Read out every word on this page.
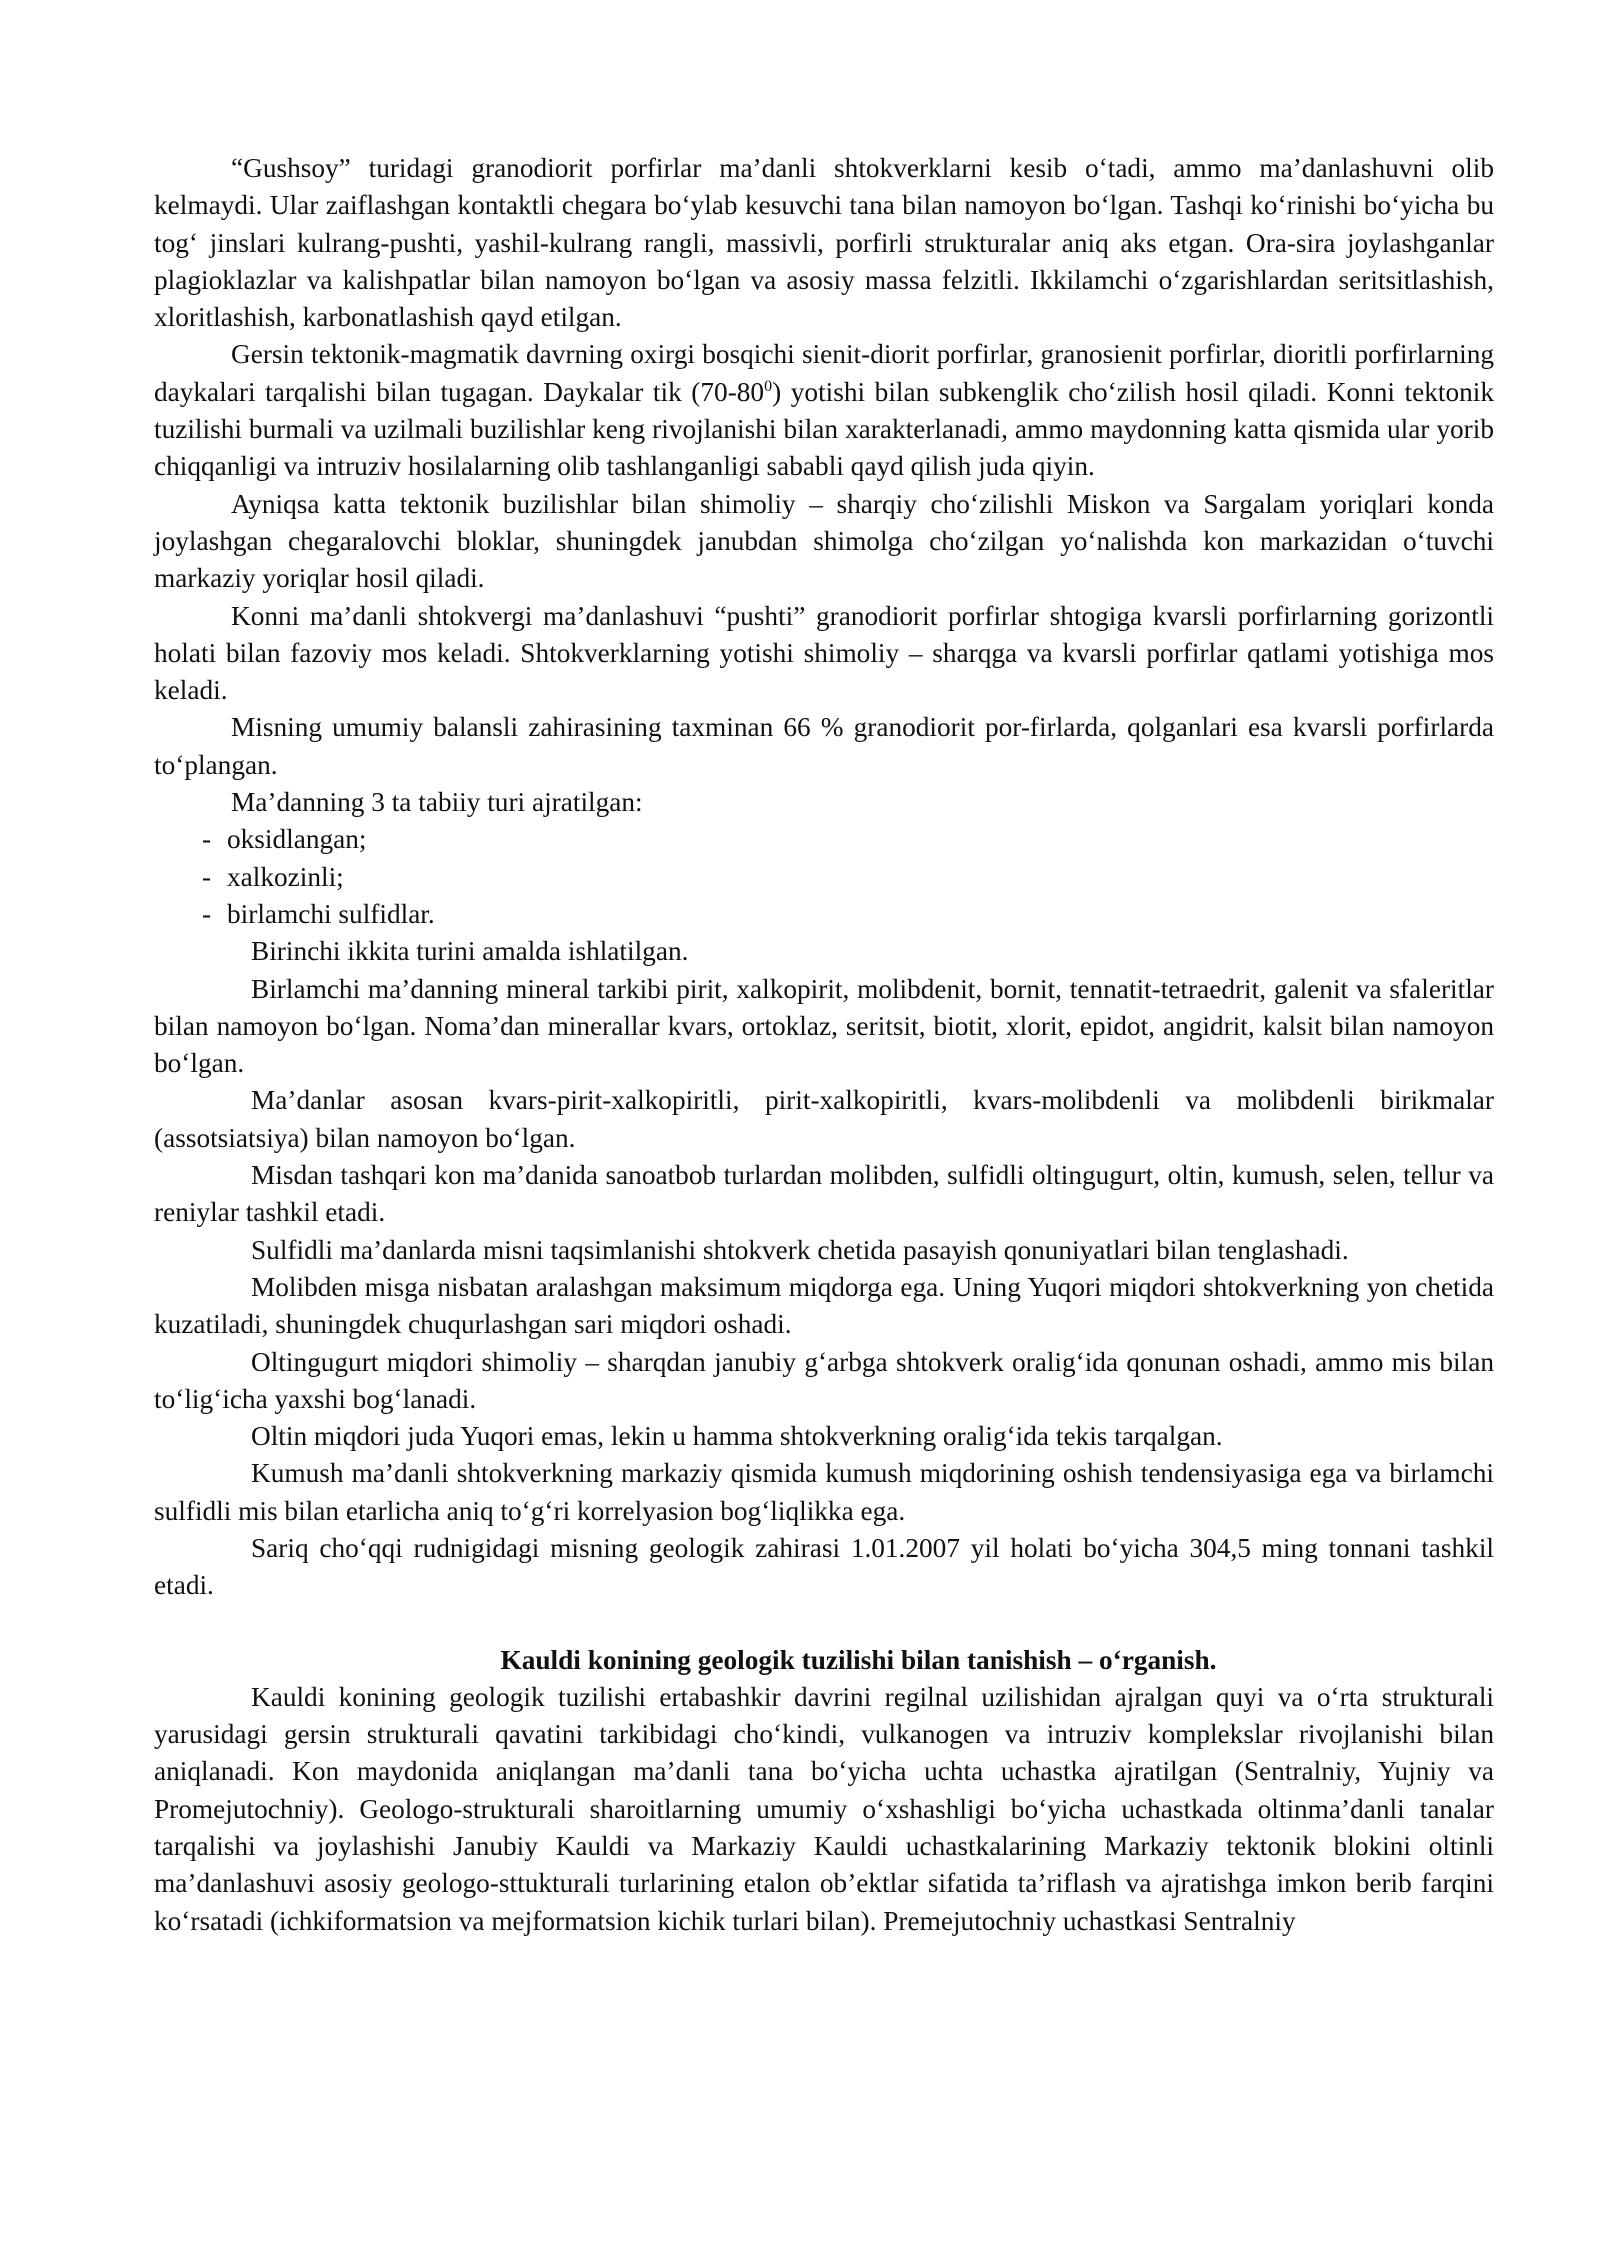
“Gushsoy” turidagi granodiorit porfirlar ma’danli shtokverklarni kesib o‘tadi, ammo ma’danlashuvni olib kelmaydi. Ular zaiflashgan kontaktli chegara bo‘ylab kesuvchi tana bilan namoyon bo‘lgan. Tashqi ko‘rinishi bo‘yicha bu tog‘ jinslari kulrang-pushti, yashil-kulrang rangli, massivli, porfirli strukturalar aniq aks etgan. Ora-sira joylashganlar plagioklazlar va kalishpatlar bilan namoyon bo‘lgan va asosiy massa felzitli. Ikkilamchi o‘zgarishlardan seritsitlashish, xloritlashish, karbonatlashish qayd etilgan.

Gersin tektonik-magmatik davrning oxirgi bosqichi sienit-diorit porfirlar, granosienit porfirlar, dioritli porfirlarning daykalari tarqalishi bilan tugagan. Daykalar tik $(70-80^0)$ yotishi bilan subkenglik cho‘zilish hosil qiladi. Konni tektonik tuzilishi burmali va uzilmali buzilishlar keng rivojlanishi bilan xarakterlanadi, ammo maydonning katta qismida ular yorib chiqqanligi va intruziv hosilalarning olib tashlanganligi sababli qayd qilish juda qiyin.

Ayniqsa katta tektonik buzilishlar bilan shimoliy – sharqiy cho‘zilishli Miskon va Sargalam yoriqlari konda joylashgan chegaralovchi bloklar, shuningdek janubdan shimolga cho‘zilgan yo‘nalishda kon markazidan o‘tuvchi markaziy yoriqlar hosil qiladi.

Konni ma’danli shtokvergi ma’danlashuvi “pushti” granodiorit porfirlar shtogiga kvarsli porfirlarning gorizontli holati bilan fazoviy mos keladi. Shtokverklarning yotishi shimoliy – sharqga va kvarsli porfirlar qatlami yotishiga mos keladi.

Misning umumiy balansli zahirasining taxminan 66 % granodiorit por-firlarda, qolganlari esa kvarsli porfirlarda to‘plangan.

Ma’danning 3 ta tabiiy turi ajratilgan:

- oksidlangan;
- xalkozinli;
- birlamchi sulfidlar.

Birinchi ikkita turini amalda ishlatilgan.

Birlamchi ma’danning mineral tarkibi pirit, xalkopirit, molibdenit, bornit, tennatit-tetraedrit, galenit va sfaleritlar bilan namoyon bo‘lgan. Noma’dan minerallar kvars, ortoklaz, seritsit, biotit, xlorit, epidot, angidrit, kalsit bilan namoyon bo‘lgan.

Ma’danlar asosan kvars-pirit-xalkopiritli, pirit-xalkopiritli, kvars-molibdenli va molibdenli birikmalar (assotsiatsiya) bilan namoyon bo‘lgan.

Misdan tashqari kon ma’danida sanoatbob turlardan molibden, sulfidli oltingugurt, oltin, kumush, selen, tellur va reniylar tashkil etadi.

Sulfidli ma’danlarda misni taqsimlanishi shtokverk chetida pasayish qonuniyatlari bilan tenglashadi.

Molibden misga nisbatan aralashgan maksimum miqdorga ega. Uning Yuqori miqdori shtokverkning yon chetida kuzatiladi, shuningdek chuqurlashgan sari miqdori oshadi.

Oltingugurt miqdori shimoliy – sharqdan janubiy g‘arbga shtokverk oralig‘ida qonunan oshadi, ammo mis bilan to‘lig‘icha yaxshi bog‘lanadi.

Oltin miqdori juda Yuqori emas, lekin u hamma shtokverkning oralig‘ida tekis tarqalgan.

Kumush ma’danli shtokverkning markaziy qismida kumush miqdorining oshish tendensiyasiga ega va birlamchi sulfidli mis bilan etarlicha aniq to‘g‘ri korrelyasion bog‘liqlikka ega.

Sariq cho‘qqi rudnigidagi misning geologik zahirasi 1.01.2007 yil holati bo‘yicha 304,5 ming tonnani tashkil etadi.

Kauldi konining geologik tuzilishi bilan tanishish – o‘rganish.

Kauldi konining geologik tuzilishi ertabashkir davrini regilnal uzilishidan ajralgan quyi va o‘rta strukturali yarusidagi gersin strukturali qavatini tarkibidagi cho‘kindi, vulkanogen va intruziv komplekslar rivojlanishi bilan aniqlanadi. Kon maydonida aniqlangan ma’danli tana bo‘yicha uchta uchastka ajratilgan (Sentralniy, Yujniy va Promejutochniy). Geologo-strukturali sharoitlarning umumiy o‘xshashligi bo‘yicha uchastkada oltinma’danli tanalar tarqalishi va joylashishi Janubiy Kauldi va Markaziy Kauldi uchastkalarining Markaziy tektonik blokini oltinli ma’danlashuvi asosiy geologo-sttukturali turlarining etalon ob’ektlar sifatida ta’riflash va ajratishga imkon berib farqini ko‘rsatadi (ichkiformatsion va mejformatsion kichik turlari bilan). Premejutochniy uchastkasi Sentralniy
